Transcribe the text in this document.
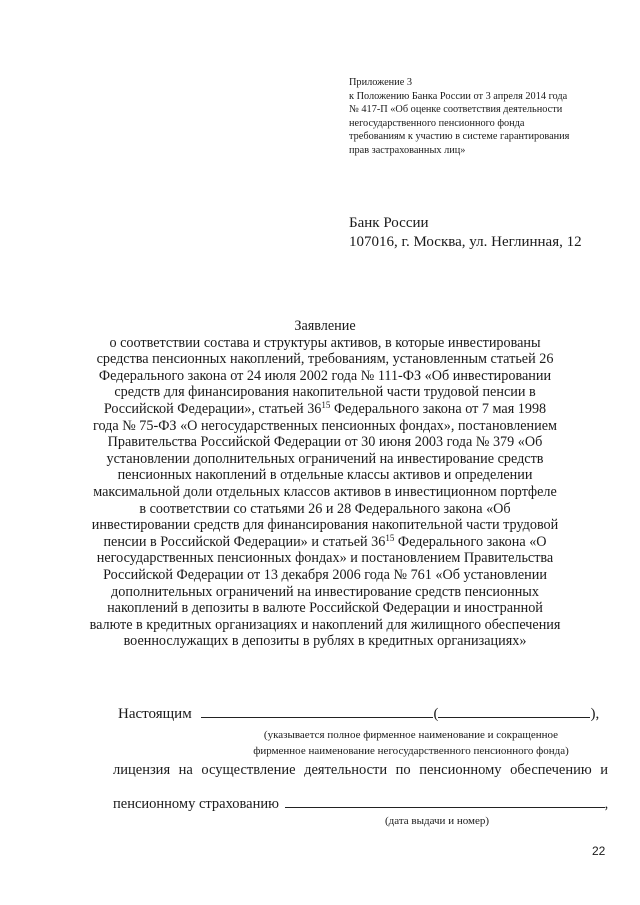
Приложение 3
к Положению Банка России от 3 апреля 2014 года
№ 417-П «Об оценке соответствия деятельности
негосударственного пенсионного фонда
требованиям к участию в системе гарантирования
прав застрахованных лиц»
Банк России
107016, г. Москва, ул. Неглинная, 12
Заявление
о соответствии состава и структуры активов, в которые инвестированы
средства пенсионных накоплений, требованиям, установленным статьей 26
Федерального закона от 24 июля 2002 года № 111-ФЗ «Об инвестировании
средств для финансирования накопительной части трудовой пенсии в
Российской Федерации», статьей $36^{15}$ Федерального закона от 7 мая 1998
года № 75-ФЗ «О негосударственных пенсионных фондах», постановлением
Правительства Российской Федерации от 30 июня 2003 года № 379 «Об
установлении дополнительных ограничений на инвестирование средств
пенсионных накоплений в отдельные классы активов и определении
максимальной доли отдельных классов активов в инвестиционном портфеле
в соответствии со статьями 26 и 28 Федерального закона «Об
инвестировании средств для финансирования накопительной части трудовой
пенсии в Российской Федерации» и статьей $36^{15}$ Федерального закона «О
негосударственных пенсионных фондах» и постановлением Правительства
Российской Федерации от 13 декабря 2006 года № 761 «Об установлении
дополнительных ограничений на инвестирование средств пенсионных
накоплений в депозиты в валюте Российской Федерации и иностранной
валюте в кредитных организациях и накоплений для жилищного обеспечения
военнослужащих в депозиты в рублях в кредитных организациях»
Настоящим	(	),
(указывается полное фирменное наименование и сокращенное
фирменное наименование негосударственного пенсионного фонда)
лицензия на осуществление деятельности по пенсионному обеспечению и
пенсионному страхованию	,
(дата выдачи и номер)
22
